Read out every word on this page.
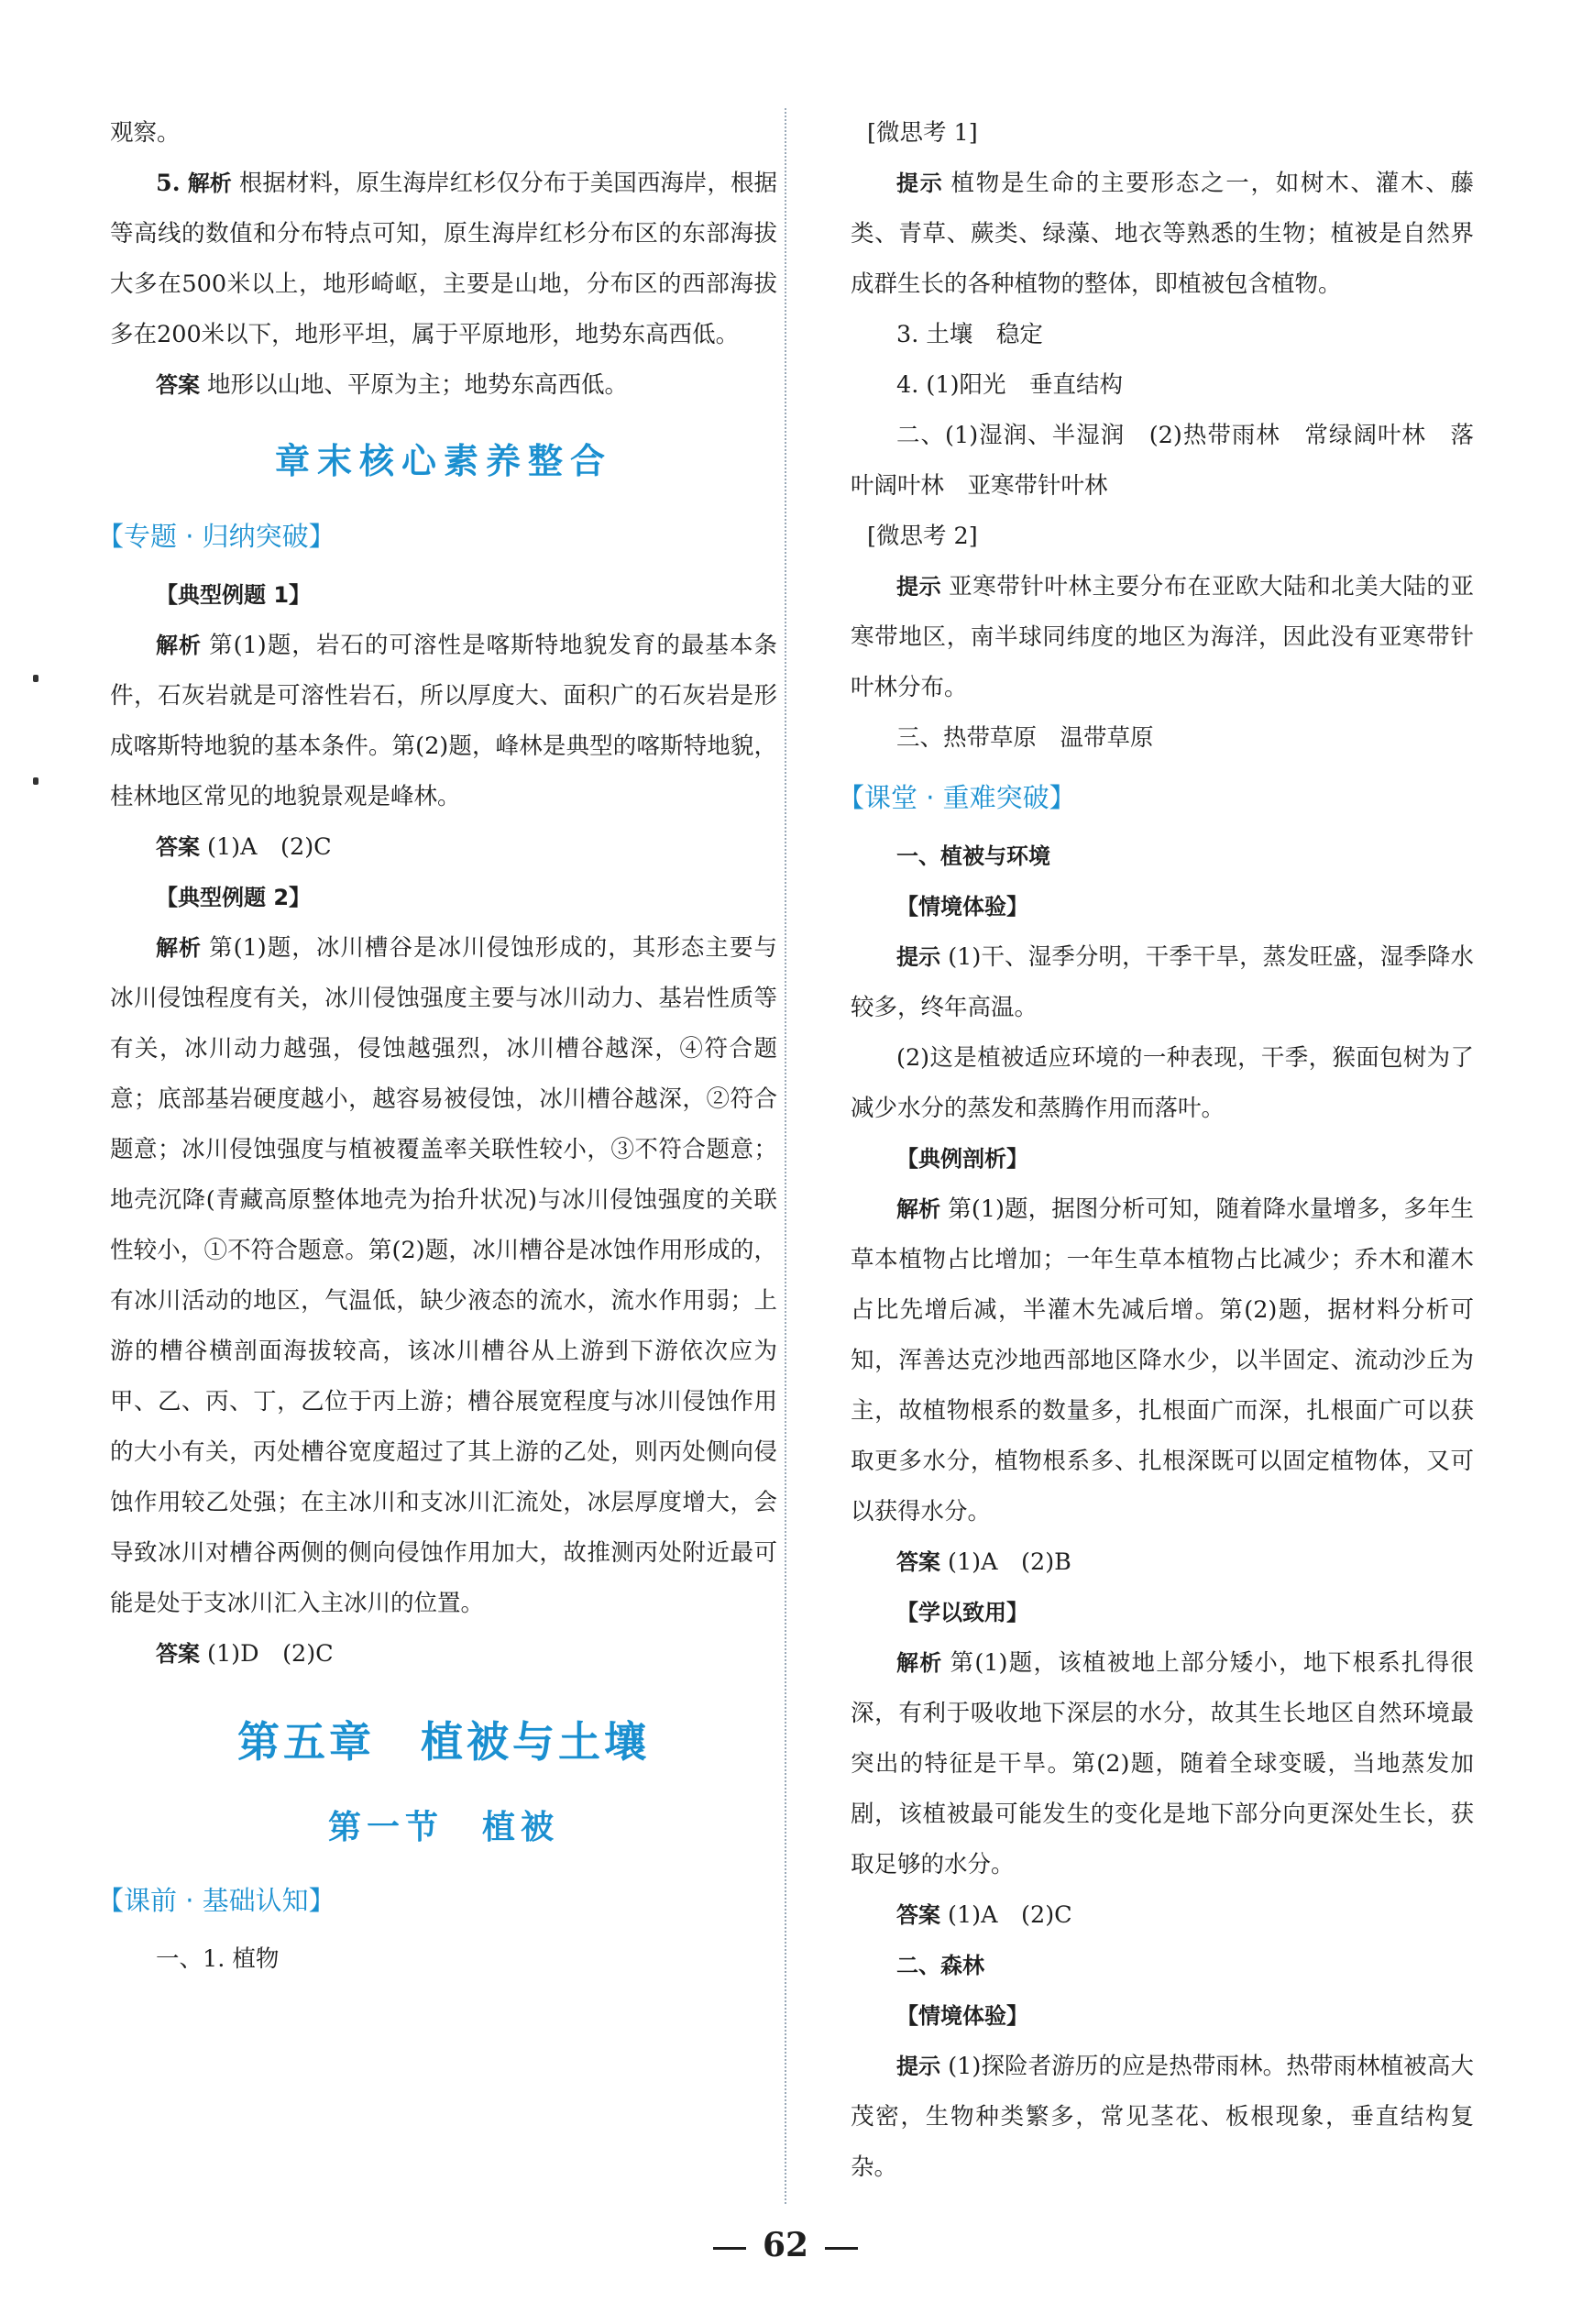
观察。

5. 解析 根据材料，原生海岸红杉仅分布于美国西海岸，根据等高线的数值和分布特点可知，原生海岸红杉分布区的东部海拔大多在500米以上，地形崎岖，主要是山地，分布区的西部海拔多在200米以下，地形平坦，属于平原地形，地势东高西低。

答案 地形以山地、平原为主；地势东高西低。

章末核心素养整合
【专题 · 归纳突破】

【典型例题 1】

解析 第(1)题，岩石的可溶性是喀斯特地貌发育的最基本条件，石灰岩就是可溶性岩石，所以厚度大、面积广的石灰岩是形成喀斯特地貌的基本条件。第(2)题，峰林是典型的喀斯特地貌，桂林地区常见的地貌景观是峰林。

答案 (1)A　(2)C

【典型例题 2】

解析 第(1)题，冰川槽谷是冰川侵蚀形成的，其形态主要与冰川侵蚀程度有关，冰川侵蚀强度主要与冰川动力、基岩性质等有关，冰川动力越强，侵蚀越强烈，冰川槽谷越深，④符合题意；底部基岩硬度越小，越容易被侵蚀，冰川槽谷越深，②符合题意；冰川侵蚀强度与植被覆盖率关联性较小，③不符合题意；地壳沉降(青藏高原整体地壳为抬升状况)与冰川侵蚀强度的关联性较小，①不符合题意。第(2)题，冰川槽谷是冰蚀作用形成的，有冰川活动的地区，气温低，缺少液态的流水，流水作用弱；上游的槽谷横剖面海拔较高，该冰川槽谷从上游到下游依次应为甲、乙、丙、丁，乙位于丙上游；槽谷展宽程度与冰川侵蚀作用的大小有关，丙处槽谷宽度超过了其上游的乙处，则丙处侧向侵蚀作用较乙处强；在主冰川和支冰川汇流处，冰层厚度增大，会导致冰川对槽谷两侧的侧向侵蚀作用加大，故推测丙处附近最可能是处于支冰川汇入主冰川的位置。

答案 (1)D　(2)C

第五章　植被与土壤
第一节　植被
【课前 · 基础认知】

一、1. 植物

[微思考 1]

提示 植物是生命的主要形态之一，如树木、灌木、藤类、青草、蕨类、绿藻、地衣等熟悉的生物；植被是自然界成群生长的各种植物的整体，即植被包含植物。

3. 土壤　稳定

4. (1)阳光　垂直结构

二、(1)湿润、半湿润　(2)热带雨林　常绿阔叶林　落叶阔叶林　亚寒带针叶林

[微思考 2]

提示 亚寒带针叶林主要分布在亚欧大陆和北美大陆的亚寒带地区，南半球同纬度的地区为海洋，因此没有亚寒带针叶林分布。

三、热带草原　温带草原

【课堂 · 重难突破】

一、植被与环境

【情境体验】

提示 (1)干、湿季分明，干季干旱，蒸发旺盛，湿季降水较多，终年高温。

(2)这是植被适应环境的一种表现，干季，猴面包树为了减少水分的蒸发和蒸腾作用而落叶。

【典例剖析】

解析 第(1)题，据图分析可知，随着降水量增多，多年生草本植物占比增加；一年生草本植物占比减少；乔木和灌木占比先增后减，半灌木先减后增。第(2)题，据材料分析可知，浑善达克沙地西部地区降水少，以半固定、流动沙丘为主，故植物根系的数量多，扎根面广而深，扎根面广可以获取更多水分，植物根系多、扎根深既可以固定植物体，又可以获得水分。

答案 (1)A　(2)B

【学以致用】

解析 第(1)题，该植被地上部分矮小，地下根系扎得很深，有利于吸收地下深层的水分，故其生长地区自然环境最突出的特征是干旱。第(2)题，随着全球变暖，当地蒸发加剧，该植被最可能发生的变化是地下部分向更深处生长，获取足够的水分。

答案 (1)A　(2)C

二、森林

【情境体验】

提示 (1)探险者游历的应是热带雨林。热带雨林植被高大茂密，生物种类繁多，常见茎花、板根现象，垂直结构复杂。

62
